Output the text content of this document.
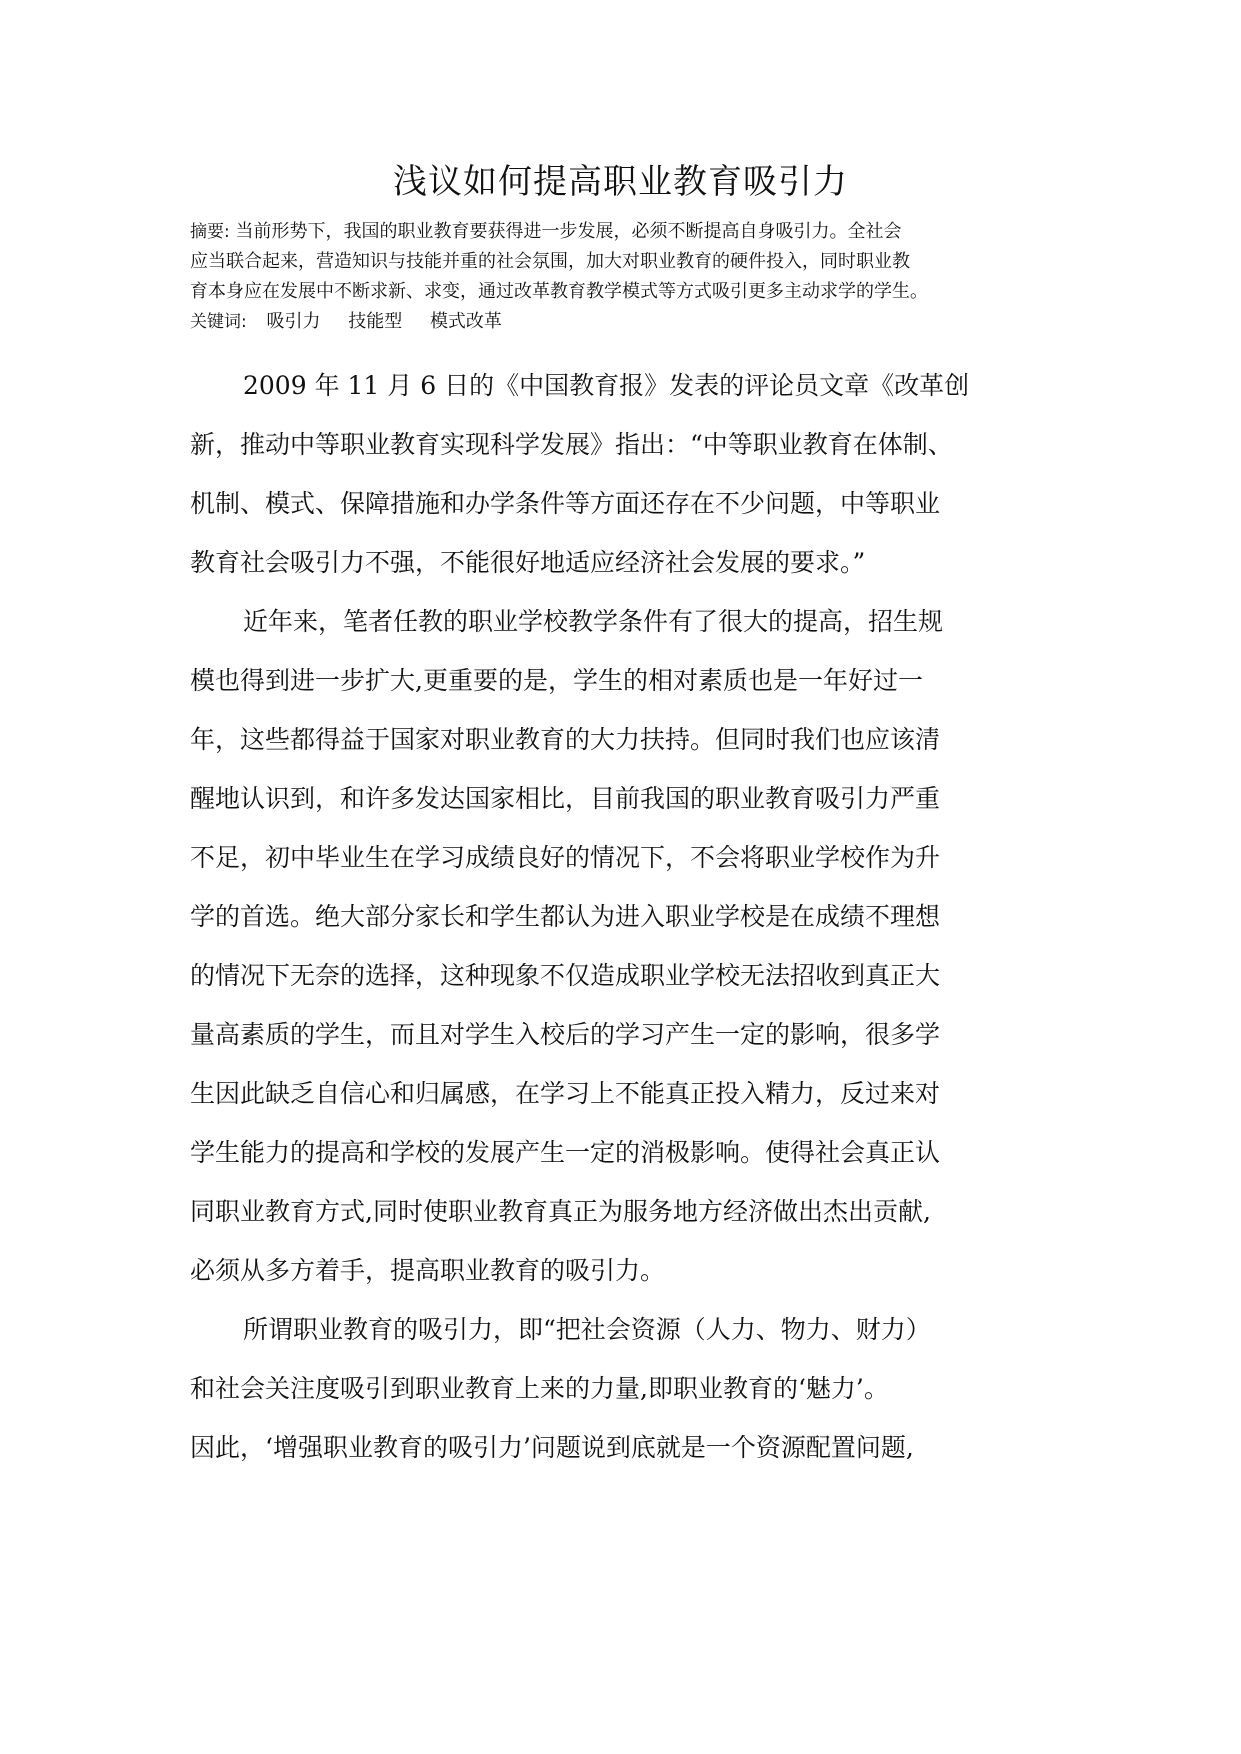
浅议如何提高职业教育吸引力
摘要: 当前形势下，我国的职业教育要获得进一步发展，必须不断提高自身吸引力。全社会
应当联合起来，营造知识与技能并重的社会氛围，加大对职业教育的硬件投入，同时职业教
育本身应在发展中不断求新、求变，通过改革教育教学模式等方式吸引更多主动求学的学生。
关键词: 吸引力 技能型 模式改革
2009 年 11 月 6 日的《中国教育报》发表的评论员文章《改革创
新，推动中等职业教育实现科学发展》指出：“中等职业教育在体制、
机制、模式、保障措施和办学条件等方面还存在不少问题，中等职业
教育社会吸引力不强，不能很好地适应经济社会发展的要求。”
近年来，笔者任教的职业学校教学条件有了很大的提高，招生规
模也得到进一步扩大,更重要的是，学生的相对素质也是一年好过一
年，这些都得益于国家对职业教育的大力扶持。但同时我们也应该清
醒地认识到，和许多发达国家相比，目前我国的职业教育吸引力严重
不足，初中毕业生在学习成绩良好的情况下，不会将职业学校作为升
学的首选。绝大部分家长和学生都认为进入职业学校是在成绩不理想
的情况下无奈的选择，这种现象不仅造成职业学校无法招收到真正大
量高素质的学生，而且对学生入校后的学习产生一定的影响，很多学
生因此缺乏自信心和归属感，在学习上不能真正投入精力，反过来对
学生能力的提高和学校的发展产生一定的消极影响。使得社会真正认
同职业教育方式,同时使职业教育真正为服务地方经济做出杰出贡献,
必须从多方着手，提高职业教育的吸引力。
所谓职业教育的吸引力，即“把社会资源（人力、物力、财力）
和社会关注度吸引到职业教育上来的力量,即职业教育的‘魅力’。
因此，‘增强职业教育的吸引力’问题说到底就是一个资源配置问题,
